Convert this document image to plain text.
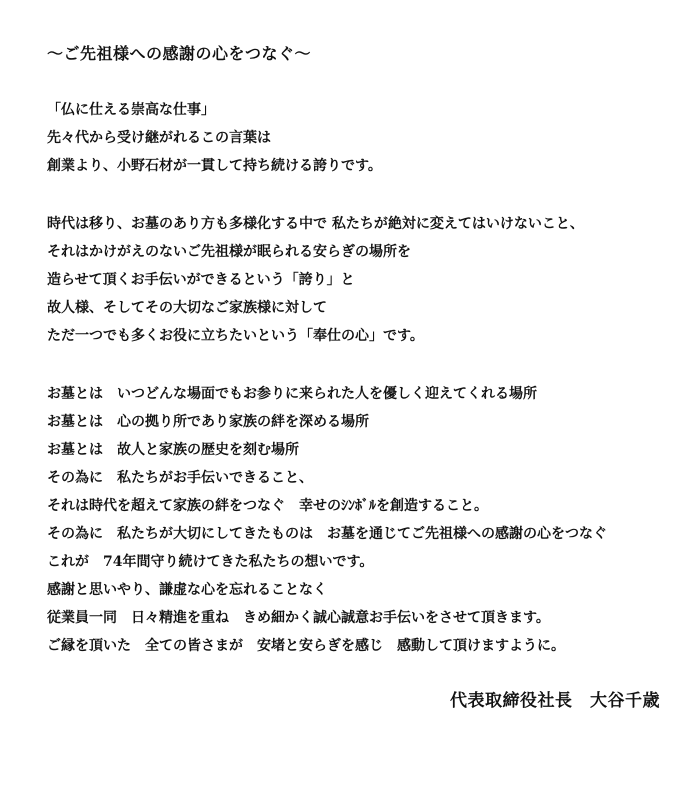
～ご先祖様への感謝の心をつなぐ～
「仏に仕える崇高な仕事」
先々代から受け継がれるこの言葉は
創業より、小野石材が一貫して持ち続ける誇りです。
時代は移り、お墓のあり方も多様化する中で 私たちが絶対に変えてはいけないこと、
それはかけがえのないご先祖様が眠られる安らぎの場所を
造らせて頂くお手伝いができるという「誇り」と
故人様、そしてその大切なご家族様に対して
ただ一つでも多くお役に立ちたいという「奉仕の心」です。
お墓とは　いつどんな場面でもお参りに来られた人を優しく迎えてくれる場所
お墓とは　心の拠り所であり家族の絆を深める場所
お墓とは　故人と家族の歴史を刻む場所
その為に　私たちがお手伝いできること、
それは時代を超えて家族の絆をつなぐ　幸せのｼﾝﾎﾞﾙを創造すること。
その為に　私たちが大切にしてきたものは　お墓を通じてご先祖様への感謝の心をつなぐ
これが　74年間守り続けてきた私たちの想いです。
感謝と思いやり、謙虚な心を忘れることなく
従業員一同　日々精進を重ね　きめ細かく誠心誠意お手伝いをさせて頂きます。
ご縁を頂いた　全ての皆さまが　安堵と安らぎを感じ　感動して頂けますように。
代表取締役社長　大谷千歳
